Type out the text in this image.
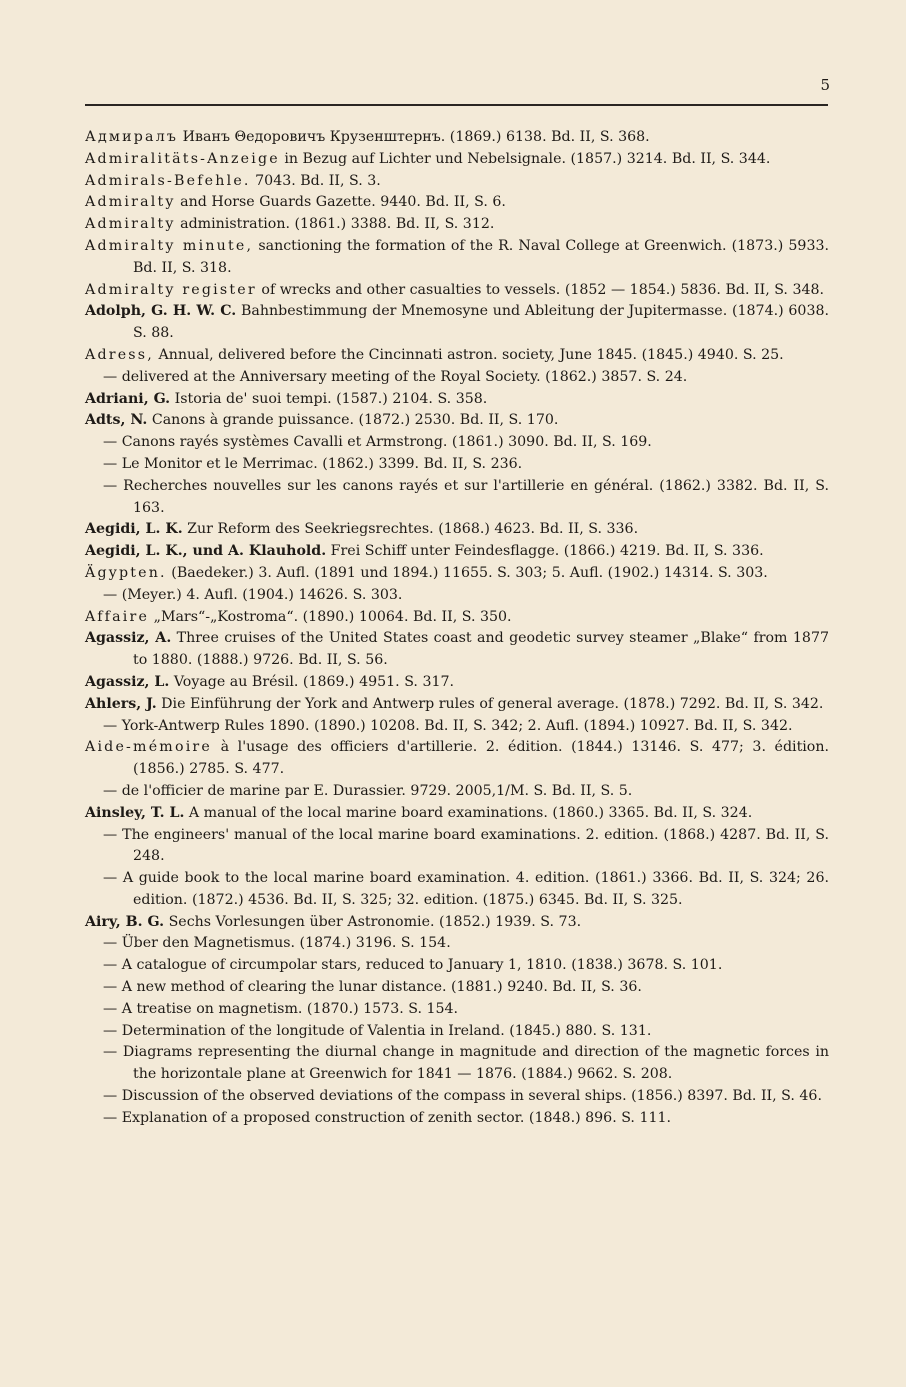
5
Адмиралъ Иванъ Θедоровичъ Крузенштернъ. (1869.) 6138. Bd. II, S. 368.
Admiralitäts-Anzeige in Bezug auf Lichter und Nebelsignale. (1857.) 3214. Bd. II, S. 344.
Admirals-Befehle. 7043. Bd. II, S. 3.
Admiralty and Horse Guards Gazette. 9440. Bd. II, S. 6.
Admiralty administration. (1861.) 3388. Bd. II, S. 312.
Admiralty minute, sanctioning the formation of the R. Naval College at Greenwich. (1873.) 5933. Bd. II, S. 318.
Admiralty register of wrecks and other casualties to vessels. (1852 — 1854.) 5836. Bd. II, S. 348.
Adolph, G. H. W. C. Bahnbestimmung der Mnemosyne und Ableitung der Jupitermasse. (1874.) 6038. S. 88.
Adress, Annual, delivered before the Cincinnati astron. society, June 1845. (1845.) 4940. S. 25.
— delivered at the Anniversary meeting of the Royal Society. (1862.) 3857. S. 24.
Adriani, G. Istoria de' suoi tempi. (1587.) 2104. S. 358.
Adts, N. Canons à grande puissance. (1872.) 2530. Bd. II, S. 170.
— Canons rayés systèmes Cavalli et Armstrong. (1861.) 3090. Bd. II, S. 169.
— Le Monitor et le Merrimac. (1862.) 3399. Bd. II, S. 236.
— Recherches nouvelles sur les canons rayés et sur l'artillerie en général. (1862.) 3382. Bd. II, S. 163.
Aegidi, L. K. Zur Reform des Seekriegsrechtes. (1868.) 4623. Bd. II, S. 336.
Aegidi, L. K., und A. Klauhold. Frei Schiff unter Feindesflagge. (1866.) 4219. Bd. II, S. 336.
Ägypten. (Baedeker.) 3. Aufl. (1891 und 1894.) 11655. S. 303; 5. Aufl. (1902.) 14314. S. 303.
— (Meyer.) 4. Aufl. (1904.) 14626. S. 303.
Affaire „Mars“-„Kostroma“. (1890.) 10064. Bd. II, S. 350.
Agassiz, A. Three cruises of the United States coast and geodetic survey steamer „Blake“ from 1877 to 1880. (1888.) 9726. Bd. II, S. 56.
Agassiz, L. Voyage au Brésil. (1869.) 4951. S. 317.
Ahlers, J. Die Einführung der York and Antwerp rules of general average. (1878.) 7292. Bd. II, S. 342.
— York-Antwerp Rules 1890. (1890.) 10208. Bd. II, S. 342; 2. Aufl. (1894.) 10927. Bd. II, S. 342.
Aide-mémoire à l'usage des officiers d'artillerie. 2. édition. (1844.) 13146. S. 477; 3. édition. (1856.) 2785. S. 477.
— de l'officier de marine par E. Durassier. 9729. 2005,1/M. S. Bd. II, S. 5.
Ainsley, T. L. A manual of the local marine board examinations. (1860.) 3365. Bd. II, S. 324.
— The engineers' manual of the local marine board examinations. 2. edition. (1868.) 4287. Bd. II, S. 248.
— A guide book to the local marine board examination. 4. edition. (1861.) 3366. Bd. II, S. 324; 26. edition. (1872.) 4536. Bd. II, S. 325; 32. edition. (1875.) 6345. Bd. II, S. 325.
Airy, B. G. Sechs Vorlesungen über Astronomie. (1852.) 1939. S. 73.
— Über den Magnetismus. (1874.) 3196. S. 154.
— A catalogue of circumpolar stars, reduced to January 1, 1810. (1838.) 3678. S. 101.
— A new method of clearing the lunar distance. (1881.) 9240. Bd. II, S. 36.
— A treatise on magnetism. (1870.) 1573. S. 154.
— Determination of the longitude of Valentia in Ireland. (1845.) 880. S. 131.
— Diagrams representing the diurnal change in magnitude and direction of the magnetic forces in the horizontale plane at Greenwich for 1841 — 1876. (1884.) 9662. S. 208.
— Discussion of the observed deviations of the compass in several ships. (1856.) 8397. Bd. II, S. 46.
— Explanation of a proposed construction of zenith sector. (1848.) 896. S. 111.
